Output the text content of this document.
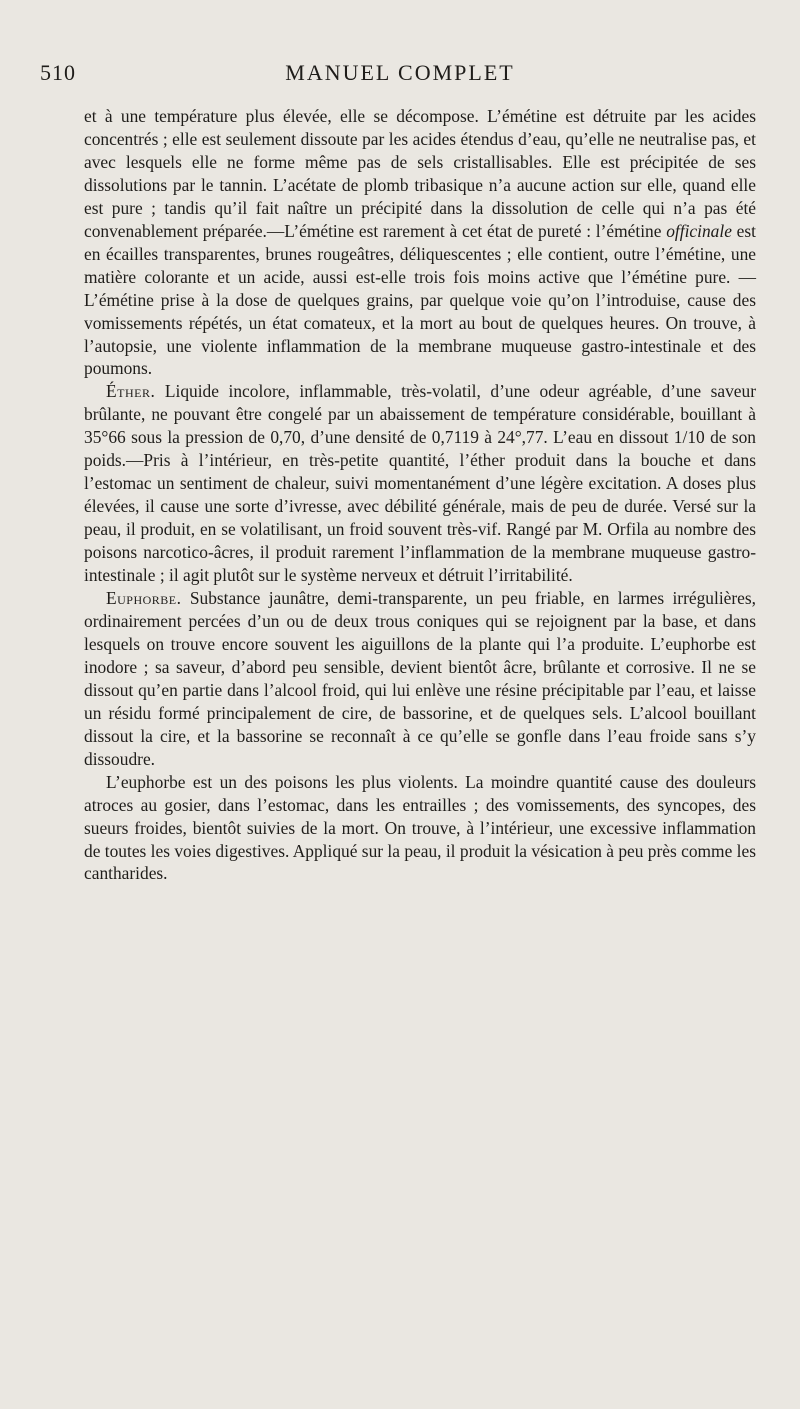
510	MANUEL COMPLET

et à une température plus élevée, elle se décompose. L’émétine est détruite par les acides concentrés ; elle est seulement dissoute par les acides étendus d’eau, qu’elle ne neutralise pas, et avec lesquels elle ne forme même pas de sels cristallisables. Elle est précipitée de ses dissolutions par le tannin. L’acétate de plomb tribasique n’a aucune action sur elle, quand elle est pure ; tandis qu’il fait naître un précipité dans la dissolution de celle qui n’a pas été convenablement préparée.—L’émétine est rarement à cet état de pureté : l’émétine officinale est en écailles transparentes, brunes rougeâtres, déliquescentes ; elle contient, outre l’émétine, une matière colorante et un acide, aussi est-elle trois fois moins active que l’émétine pure. — L’émétine prise à la dose de quelques grains, par quelque voie qu’on l’introduise, cause des vomissements répétés, un état comateux, et la mort au bout de quelques heures. On trouve, à l’autopsie, une violente inflammation de la membrane muqueuse gastro-intestinale et des poumons.

Éther. Liquide incolore, inflammable, très-volatil, d’une odeur agréable, d’une saveur brûlante, ne pouvant être congelé par un abaissement de température considérable, bouillant à 35°66 sous la pression de 0,70, d’une densité de 0,7119 à 24°,77. L’eau en dissout 1/10 de son poids.—Pris à l’intérieur, en très-petite quantité, l’éther produit dans la bouche et dans l’estomac un sentiment de chaleur, suivi momentanément d’une légère excitation. A doses plus élevées, il cause une sorte d’ivresse, avec débilité générale, mais de peu de durée. Versé sur la peau, il produit, en se volatilisant, un froid souvent très-vif. Rangé par M. Orfila au nombre des poisons narcotico-âcres, il produit rarement l’inflammation de la membrane muqueuse gastro-intestinale ; il agit plutôt sur le système nerveux et détruit l’irritabilité.

Euphorbe. Substance jaunâtre, demi-transparente, un peu friable, en larmes irrégulières, ordinairement percées d’un ou de deux trous coniques qui se rejoignent par la base, et dans lesquels on trouve encore souvent les aiguillons de la plante qui l’a produite. L’euphorbe est inodore ; sa saveur, d’abord peu sensible, devient bientôt âcre, brûlante et corrosive. Il ne se dissout qu’en partie dans l’alcool froid, qui lui enlève une résine précipitable par l’eau, et laisse un résidu formé principalement de cire, de bassorine, et de quelques sels. L’alcool bouillant dissout la cire, et la bassorine se reconnaît à ce qu’elle se gonfle dans l’eau froide sans s’y dissoudre.

L’euphorbe est un des poisons les plus violents. La moindre quantité cause des douleurs atroces au gosier, dans l’estomac, dans les entrailles ; des vomissements, des syncopes, des sueurs froides, bientôt suivies de la mort. On trouve, à l’intérieur, une excessive inflammation de toutes les voies digestives. Appliqué sur la peau, il produit la vésication à peu près comme les cantharides.
